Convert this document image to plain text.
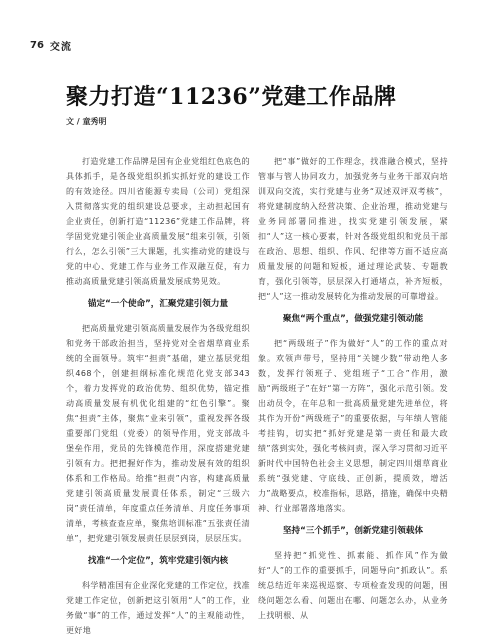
76 交流
聚力打造“11236”党建工作品牌
文 / 童秀明

打造党建工作品牌是国有企业党组红色底色的具体抓手，是各级党组织抓实抓好党的建设工作的有效途径。四川省能源专卖局（公司）党组深入贯彻落实党的组织建设总要求，主动担起国有企业责任，创新打造“11236”党建工作品牌，将学固党党建引领企业高质量发展“组来引领，引领行么，怎么引领”三大课题，扎实推动党的建设与党的中心、党建工作与业务工作双融互促，有力推动高质量党建引领高质量发展成势见效。

锚定“一个使命”，汇聚党建引领力量

把高质量党建引领高质量发展作为各级党组织和党务干部政治担当，坚持党对全省烟草商业系统的全面领导。筑牢“担责”基础，建立基层党组织468个，创建担纲标准化规范化党支部343个，着力发挥党的政治优势、组织优势，锚定推动高质量发展有机优化组建的“红色引擎”。聚焦“担责”主体，聚焦“业来引领”，重视发挥各级重要部门党组（党委）的领导作用，党支部战斗堡垒作用，党员的先锋模范作用，深度搭建党建引领有力。把把握好作为，推动发展有效的组织体系和工作格局。给推“担责”内容，构建高质量党建引领高质量发展責任体系，制定“三级六岗”责任清单，年度重点任务清单、月度任务事项清单，考核查查应单，聚焦培训标准“五张责任清单”，把党建引领发展责任层层到岗，层层压实。

找准“一个定位”，筑牢党建引领内核

科学精准国有企业深化党建的工作定位，找准党建工作定位，创新把这引领用“人”的工作，业务做“事”的工作，通过发挥“人”的主观能动性，更好地

把“事”做好的工作理念，找准融合模式，坚持管事与管人协同攻力，加强党务与业务干部双向培训双向交流，实行党建与业务“双述双评双考核”，将党建制度纳入经营决策、企业治理，推动党建与业务同部署同推进，找实党建引领发展，紧扣“人”这一核心要素，针对各级党组织和党员干部在政治、思想、组织、作风、纪律等方面不适应高质量发展的问题和短板，通过理论武装、专题教育，强化引领等，层层深入打通堵点，补齐短板，把“人”这一推动发展转化为推动发展的可靠增益。

聚焦“两个重点”，做强党建引领动能

把“两级班子”作为做好“人”的工作的重点对象。欢领声带号，坚持用“关键少数”带动绝人多数，发挥行领班子、党组班子“工合”作用，激励“两级班子”在好“第一方阵”，强化示范引领。发出动员令，在年总和一批高质量党建先进单位，将其作为开份“两级班子”的重要依据，与年绩人管能考挂钩，切实把“抓好党建是第一责任和最大政绩”落到实处，强化考核问责，深入学习贯彻习近平新时代中国特色社会主义思想，制定四川烟草商业系统“强党建、守底线、正创新，提质效，增活力”战略要点，校准指标，思路，措施，确保中央精神、行业部署落地落实。

坚持“三个抓手”，创新党建引领载体

坚持把“抓党性、抓素能、抓作风”作为做好“人”的工作的重要抓手，同题导向“抓政认”。系统总结近年来巡视巡察、专项检查发现的问题，围绕问题怎么看、问题出在哪、问题怎么办，从业务上找明根、从
